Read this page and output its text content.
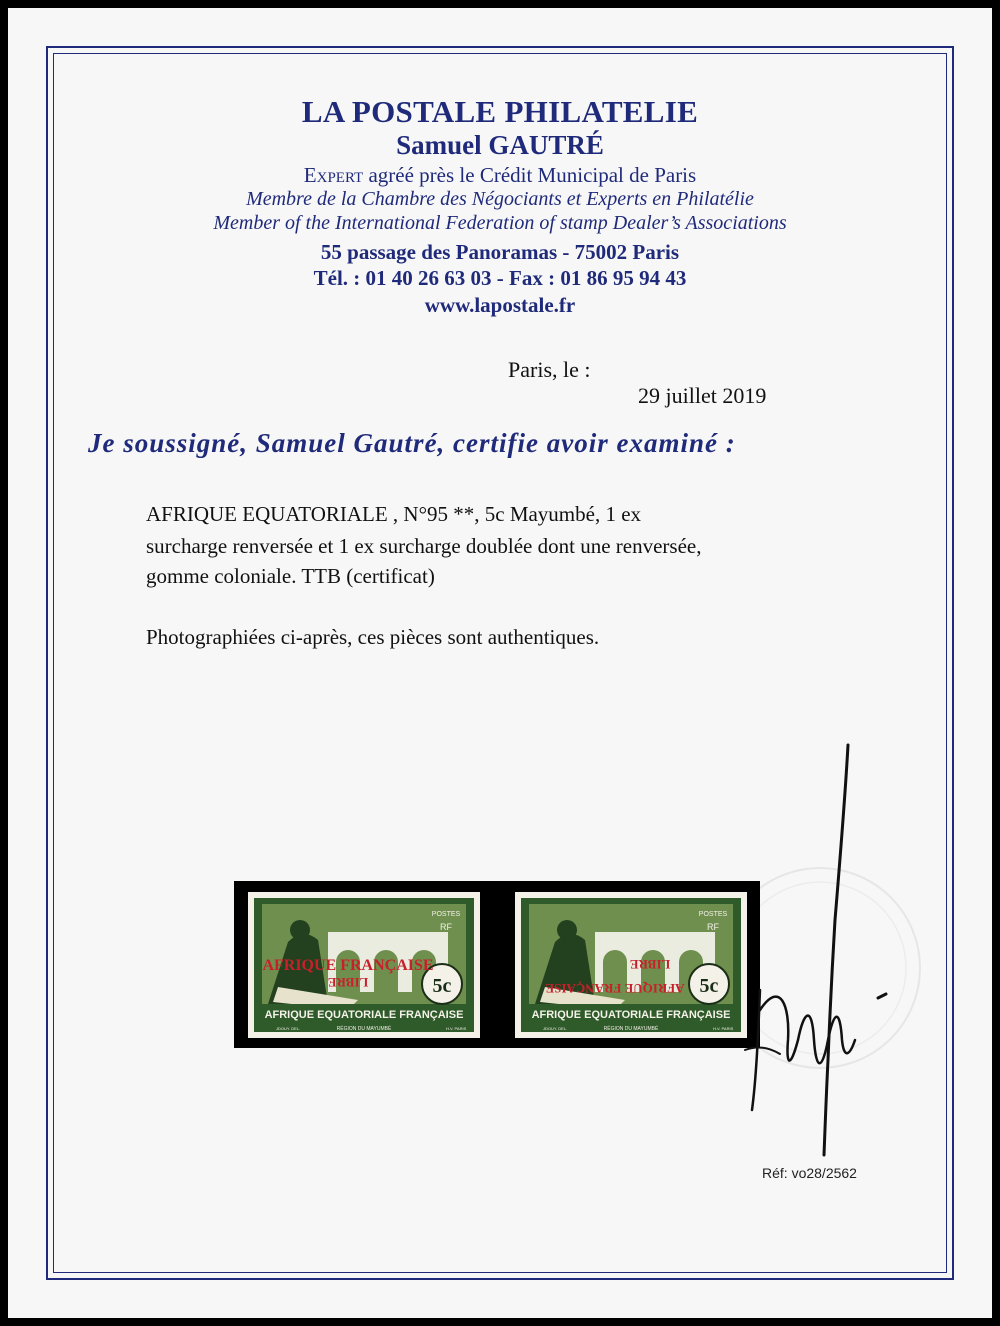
LA POSTALE PHILATELIE
Samuel GAUTRÉ
EXPERT agréé près le Crédit Municipal de Paris
Membre de la Chambre des Négociants et Experts en Philatélie
Member of the International Federation of stamp Dealer’s Associations
55 passage des Panoramas - 75002 Paris
Tél. : 01 40 26 63 03 - Fax : 01 86 95 94 43
www.lapostale.fr
Paris, le :
29 juillet 2019
Je soussigné, Samuel Gautré, certifie avoir examiné :
AFRIQUE EQUATORIALE , N°95 **, 5c Mayumbé, 1 ex
surcharge renversée et 1 ex surcharge doublée dont une renversée,
gomme coloniale. TTB (certificat)
Photographiées ci-après, ces pièces sont authentiques.
5c
POSTES
RF
AFRIQUE EQUATORIALE FRANÇAISE
RÉGION DU MAYUMBÉ
JDOUY. DEL.	H.V. PARIS
AFRIQUE FRANÇAISE
LIBRE	5c
POSTES
RF
AFRIQUE EQUATORIALE FRANÇAISE
RÉGION DU MAYUMBÉ
JDOUY. DEL.	H.V. PARIS
AFRIQUE FRANÇAISE
LIBRE
Réf: vo28/2562
